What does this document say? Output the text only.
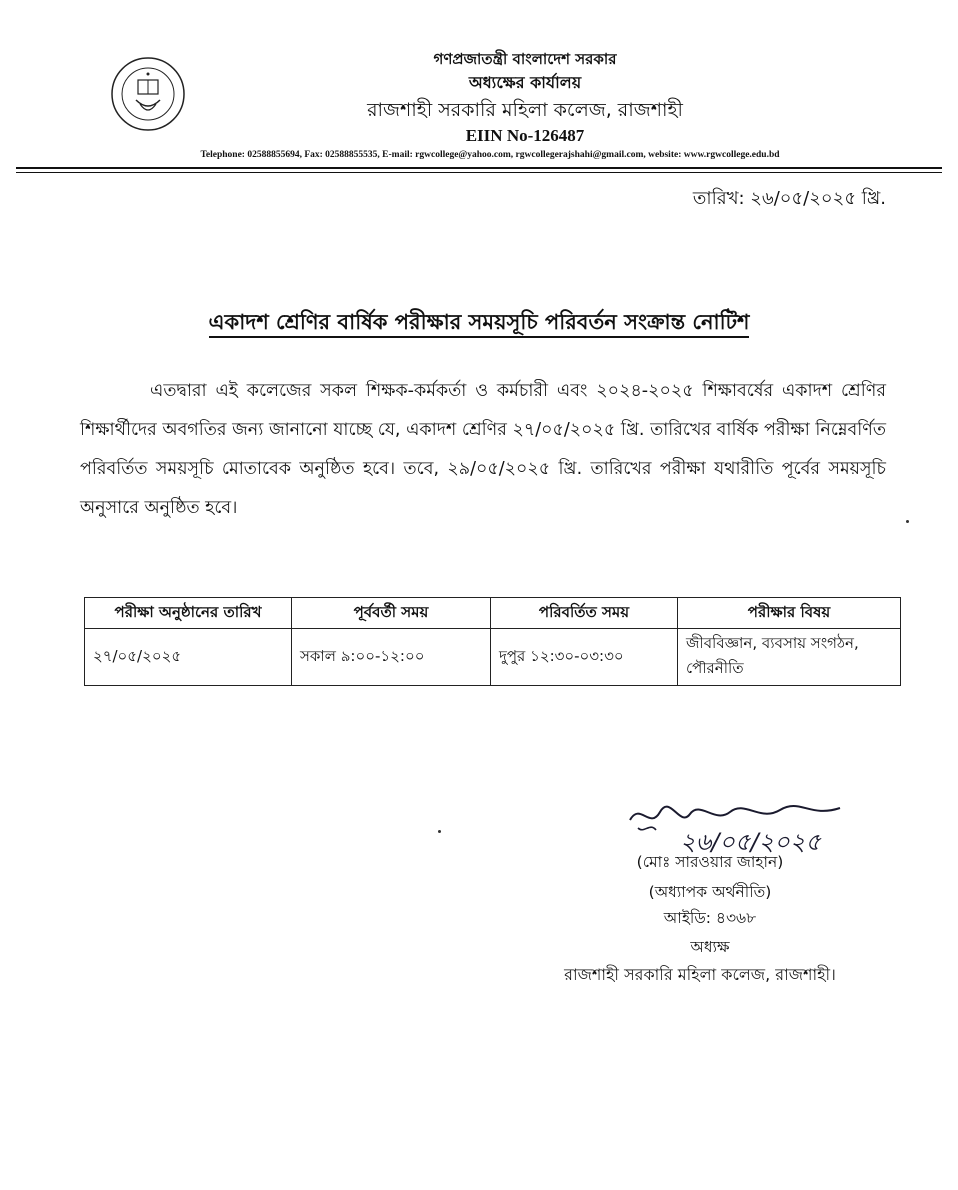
গণপ্রজাতন্ত্রী বাংলাদেশ সরকার
অধ্যক্ষের কার্যালয়
রাজশাহী সরকারি মহিলা কলেজ, রাজশাহী
EIIN No-126487
Telephone: 02588855694, Fax: 02588855535, E-mail: rgwcollege@yahoo.com, rgwcollegerajshahi@gmail.com, website: www.rgwcollege.edu.bd
তারিখ: ২৬/০৫/২০২৫ খ্রি.
একাদশ শ্রেণির বার্ষিক পরীক্ষার সময়সূচি পরিবর্তন সংক্রান্ত নোটিশ
এতদ্বারা এই কলেজের সকল শিক্ষক-কর্মকর্তা ও কর্মচারী এবং ২০২৪-২০২৫ শিক্ষাবর্ষের একাদশ শ্রেণির শিক্ষার্থীদের অবগতির জন্য জানানো যাচ্ছে যে, একাদশ শ্রেণির ২৭/০৫/২০২৫ খ্রি. তারিখের বার্ষিক পরীক্ষা নিম্নেবর্ণিত পরিবর্তিত সময়সূচি মোতাবেক অনুষ্ঠিত হবে। তবে, ২৯/০৫/২০২৫ খ্রি. তারিখের পরীক্ষা যথারীতি পূর্বের সময়সূচি অনুসারে অনুষ্ঠিত হবে।
পরীক্ষা অনুষ্ঠানের তারিখ	পূর্ববর্তী সময়	পরিবর্তিত সময়	পরীক্ষার বিষয়
২৭/০৫/২০২৫	সকাল ৯:০০-১২:০০	দুপুর ১২:৩০-০৩:৩০	জীববিজ্ঞান, ব্যবসায় সংগঠন, পৌরনীতি
২৬/০৫/২০২৫
(মোঃ সারওয়ার জাহান)
(অধ্যাপক অর্থনীতি)
আইডি: ৪৩৬৮
অধ্যক্ষ
রাজশাহী সরকারি মহিলা কলেজ, রাজশাহী।
